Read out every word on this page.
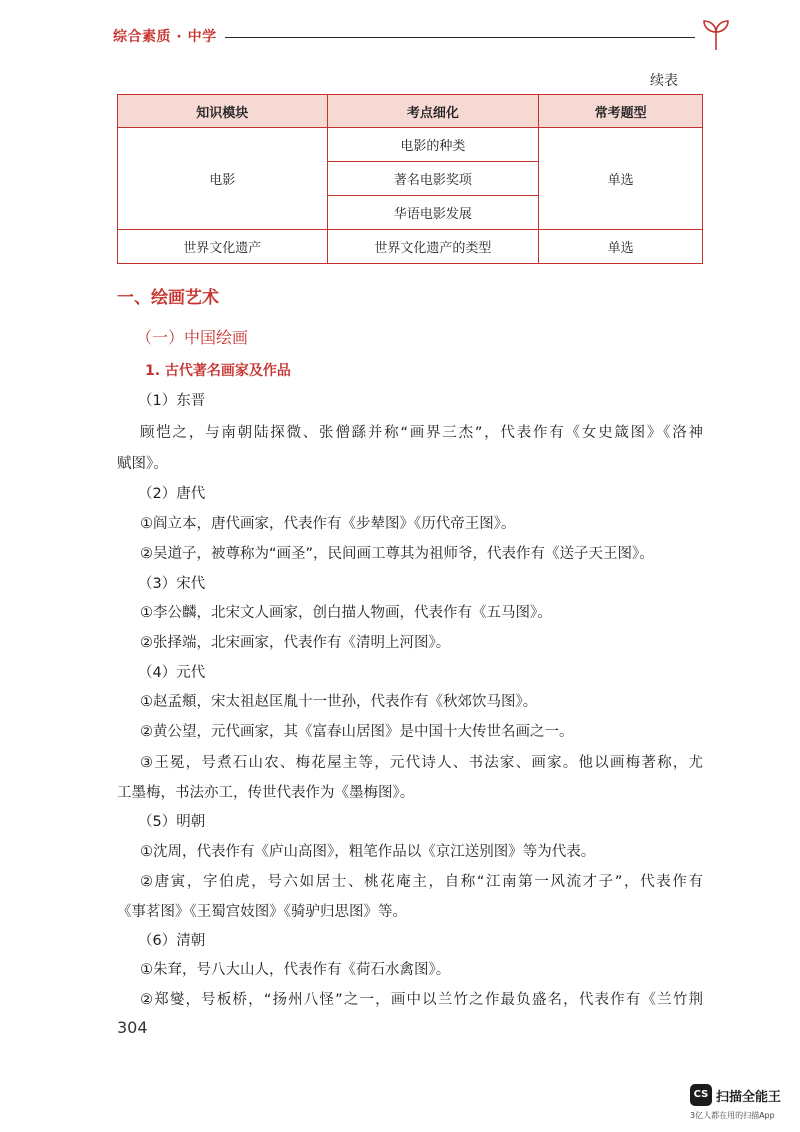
综合素质 · 中学
续表
知识模块	考点细化	常考题型
电影	电影的种类	单选
	著名电影奖项	
	华语电影发展	
世界文化遗产	世界文化遗产的类型	单选
一、绘画艺术
（一）中国绘画
1. 古代著名画家及作品
（1）东晋
顾恺之，与南朝陆探微、张僧繇并称“画界三杰”，代表作有《女史箴图》《洛神
赋图》。
（2）唐代
①阎立本，唐代画家，代表作有《步辇图》《历代帝王图》。
②吴道子，被尊称为“画圣”，民间画工尊其为祖师爷，代表作有《送子天王图》。
（3）宋代
①李公麟，北宋文人画家，创白描人物画，代表作有《五马图》。
②张择端，北宋画家，代表作有《清明上河图》。
（4）元代
①赵孟頫，宋太祖赵匡胤十一世孙，代表作有《秋郊饮马图》。
②黄公望，元代画家，其《富春山居图》是中国十大传世名画之一。
③王冕，号煮石山农、梅花屋主等，元代诗人、书法家、画家。他以画梅著称，尤
工墨梅，书法亦工，传世代表作为《墨梅图》。
（5）明朝
①沈周，代表作有《庐山高图》，粗笔作品以《京江送别图》等为代表。
②唐寅，字伯虎，号六如居士、桃花庵主，自称“江南第一风流才子”，代表作有
《事茗图》《王蜀宫妓图》《骑驴归思图》等。
（6）清朝
①朱耷，号八大山人，代表作有《荷石水禽图》。
②郑燮，号板桥，“扬州八怪”之一，画中以兰竹之作最负盛名，代表作有《兰竹荆
304
CS 扫描全能王
3亿人都在用的扫描App
